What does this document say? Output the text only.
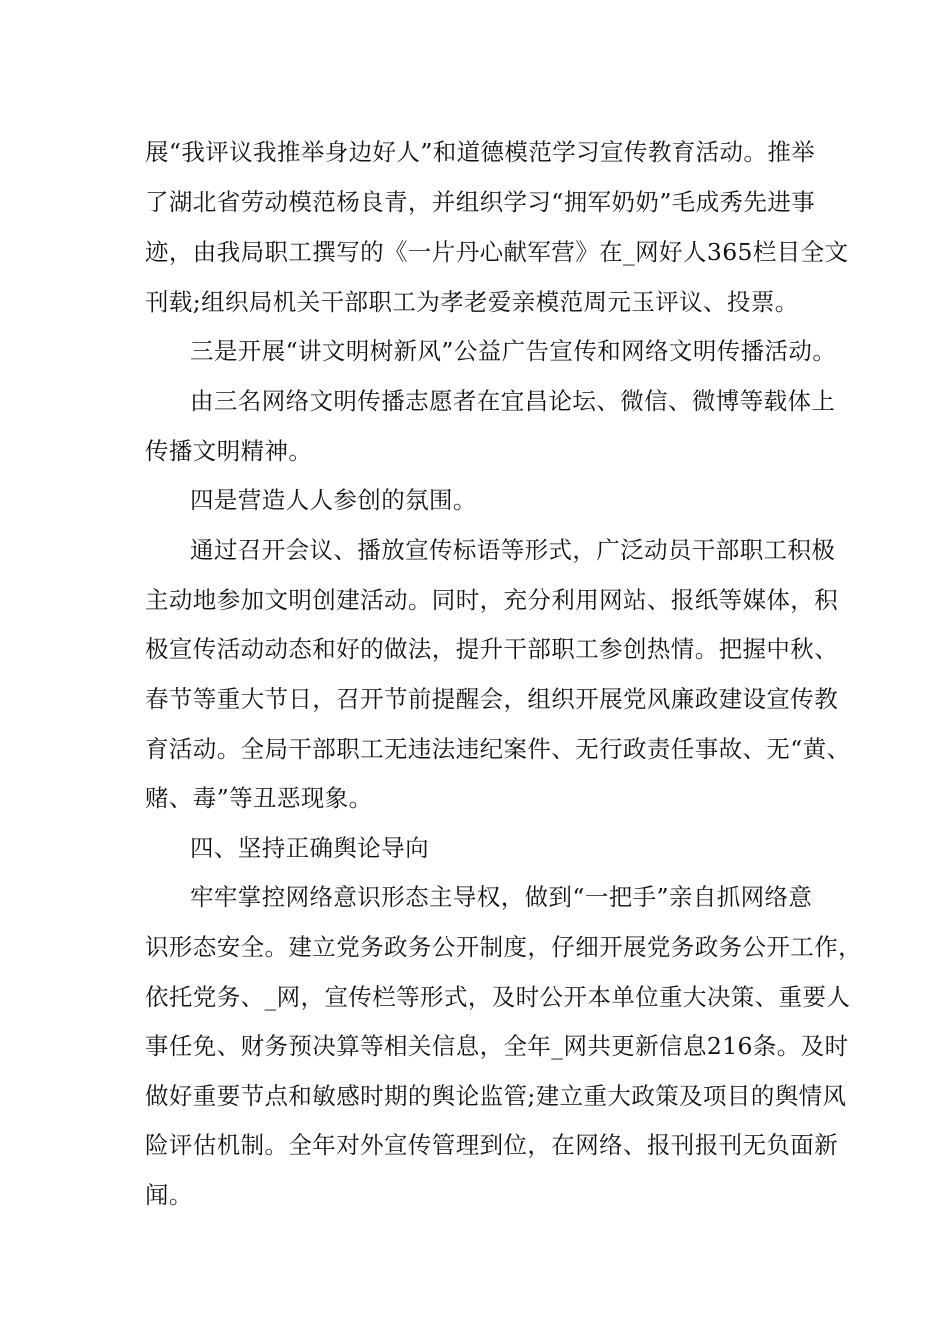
展“我评议我推举身边好人”和道德模范学习宣传教育活动。推举
了湖北省劳动模范杨良青，并组织学习“拥军奶奶”毛成秀先进事
迹，由我局职工撰写的《一片丹心献军营》在_网好人365栏目全文
刊载;组织局机关干部职工为孝老爱亲模范周元玉评议、投票。
三是开展“讲文明树新风”公益广告宣传和网络文明传播活动。
由三名网络文明传播志愿者在宜昌论坛、微信、微博等载体上
传播文明精神。
四是营造人人参创的氛围。
通过召开会议、播放宣传标语等形式，广泛动员干部职工积极
主动地参加文明创建活动。同时，充分利用网站、报纸等媒体，积
极宣传活动动态和好的做法，提升干部职工参创热情。把握中秋、
春节等重大节日，召开节前提醒会，组织开展党风廉政建设宣传教
育活动。全局干部职工无违法违纪案件、无行政责任事故、无“黄、
赌、毒”等丑恶现象。
四、坚持正确舆论导向
牢牢掌控网络意识形态主导权，做到“一把手”亲自抓网络意
识形态安全。建立党务政务公开制度，仔细开展党务政务公开工作，
依托党务、_网，宣传栏等形式，及时公开本单位重大决策、重要人
事任免、财务预决算等相关信息，全年_网共更新信息216条。及时
做好重要节点和敏感时期的舆论监管;建立重大政策及项目的舆情风
险评估机制。全年对外宣传管理到位，在网络、报刊报刊无负面新
闻。
